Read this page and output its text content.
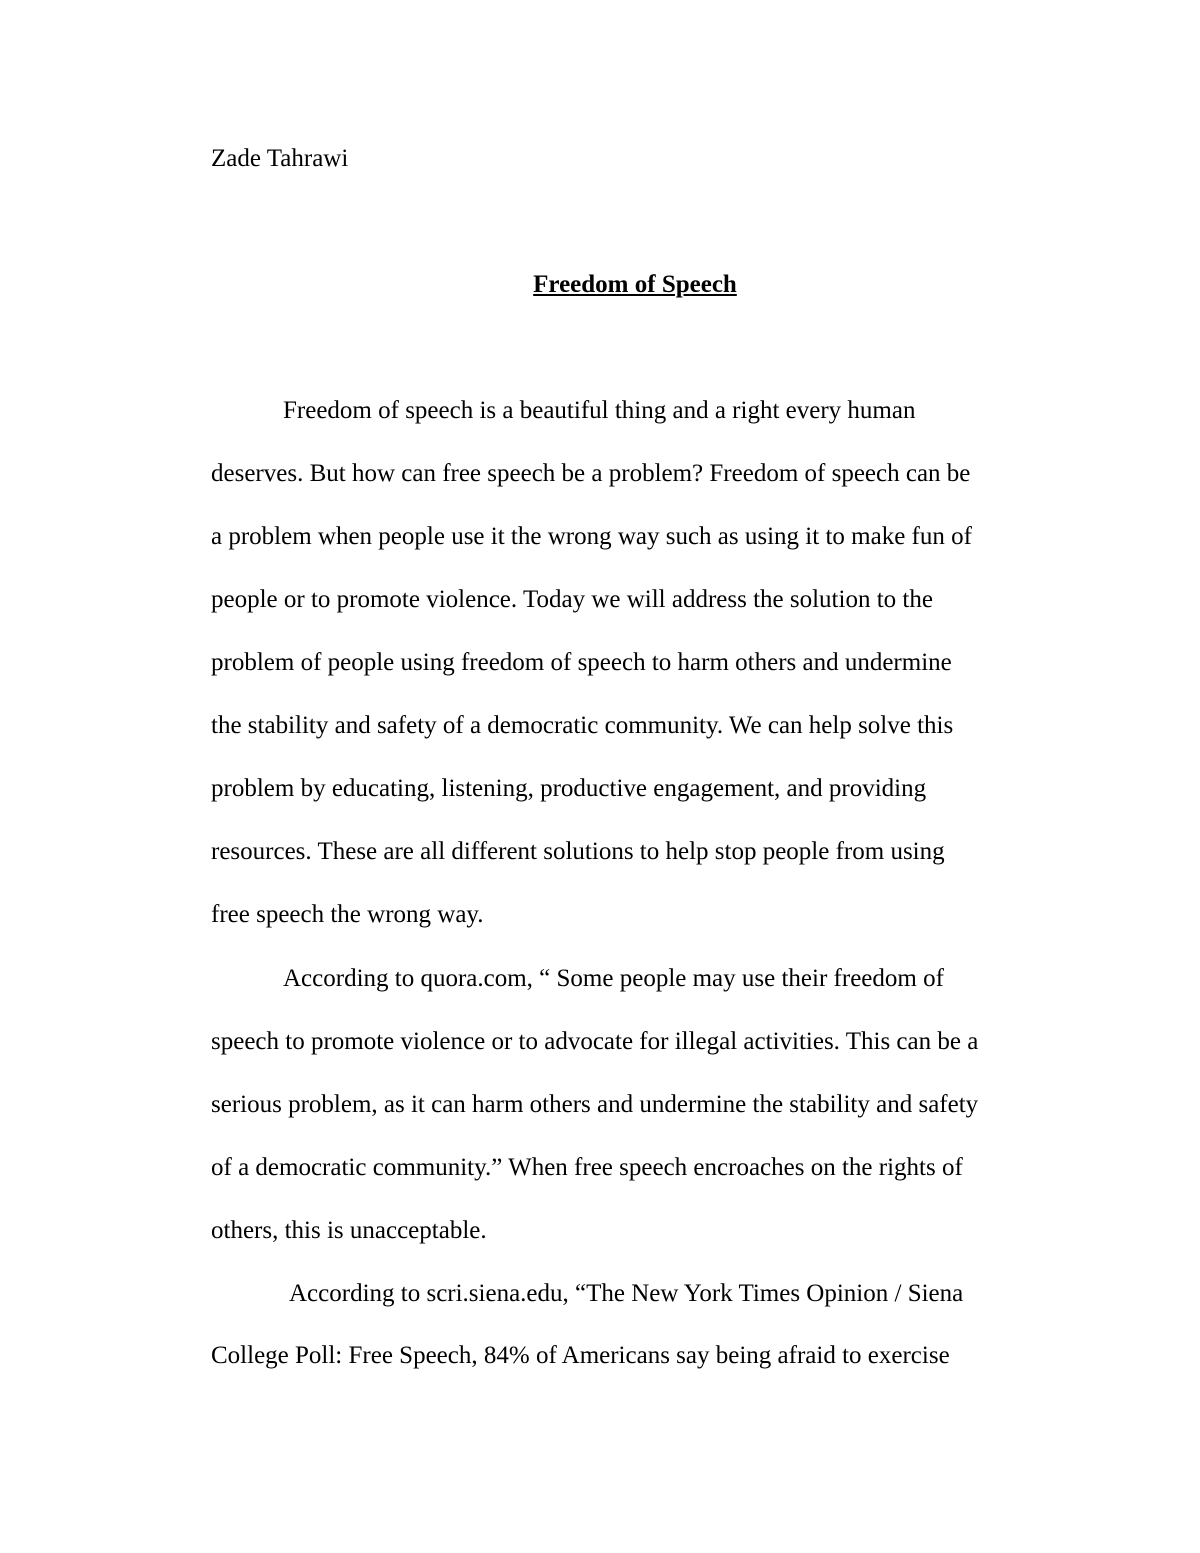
Zade Tahrawi

Freedom of Speech

Freedom of speech is a beautiful thing and a right every human

deserves. But how can free speech be a problem? Freedom of speech can be

a problem when people use it the wrong way such as using it to make fun of

people or to promote violence. Today we will address the solution to the

problem of people using freedom of speech to harm others and undermine

the stability and safety of a democratic community. We can help solve this

problem by educating, listening, productive engagement, and providing

resources. These are all different solutions to help stop people from using

free speech the wrong way.

According to quora.com, “ Some people may use their freedom of

speech to promote violence or to advocate for illegal activities. This can be a

serious problem, as it can harm others and undermine the stability and safety

of a democratic community.” When free speech encroaches on the rights of

others, this is unacceptable.

According to scri.siena.edu, “The New York Times Opinion / Siena

College Poll: Free Speech, 84% of Americans say being afraid to exercise
